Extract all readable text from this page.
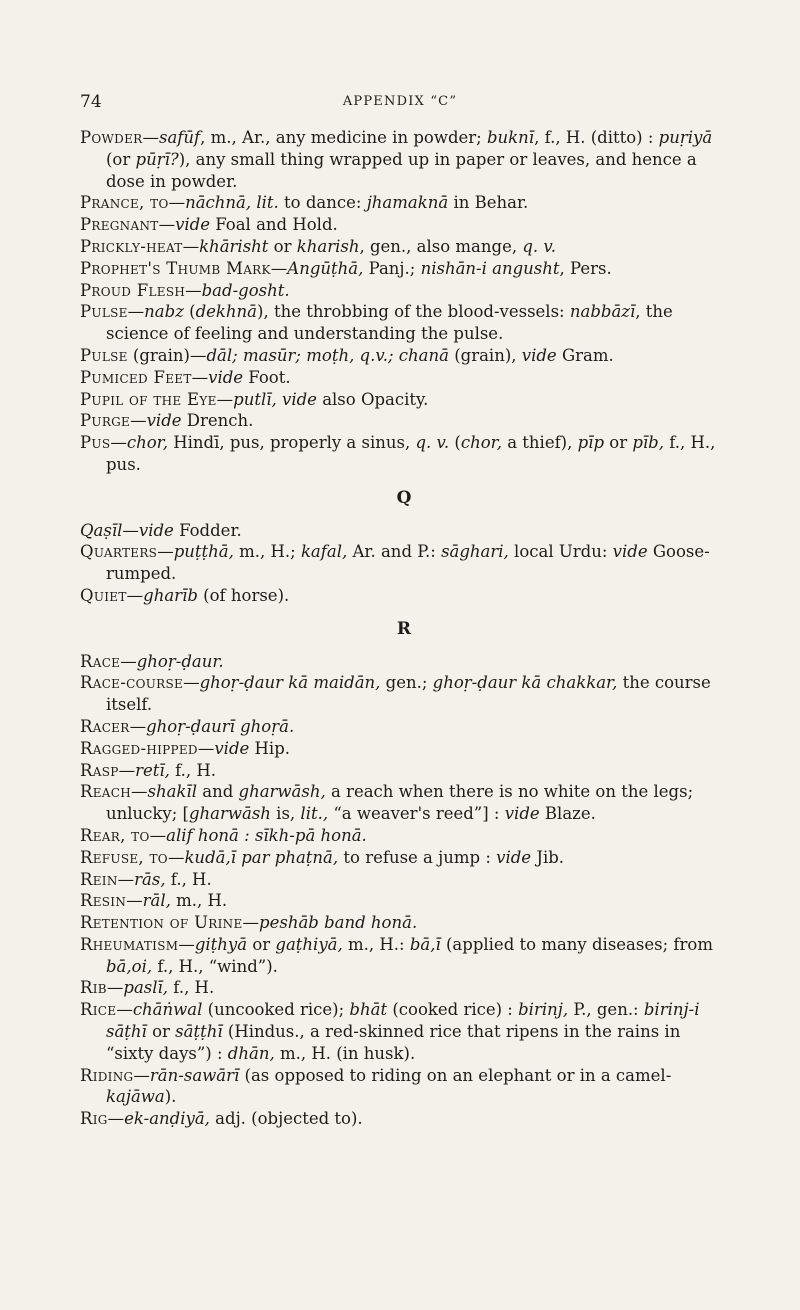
74	APPENDIX “C”

Powder—safūf, m., Ar., any medicine in powder; buknī, f., H. (ditto) : puṛiyā (or pūṛī?), any small thing wrapped up in paper or leaves, and hence a dose in powder.

Prance, to—nāchnā, lit. to dance: jhamaknā in Behar.

Pregnant—vide Foal and Hold.

Prickly-heat—khārisht or kharish, gen., also mange, q. v.

Prophet's Thumb Mark—Angūṭhā, Panj.; nishān-i angusht, Pers.

Proud Flesh—bad-gosht.

Pulse—nabz (dekhnā), the throbbing of the blood-vessels: nabbāzī, the science of feeling and understanding the pulse.

Pulse (grain)—dāl; masūr; moṭh, q.v.; chanā (grain), vide Gram.

Pumiced Feet—vide Foot.

Pupil of the Eye—putlī, vide also Opacity.

Purge—vide Drench.

Pus—chor, Hindī, pus, properly a sinus, q. v. (chor, a thief), pīp or pīb, f., H., pus.

Q

Qaṣīl—vide Fodder.

Quarters—puṭṭhā, m., H.; kafal, Ar. and P.: sāghari, local Urdu: vide Goose-rumped.

Quiet—gharīb (of horse).

R

Race—ghoṛ-ḍaur.

Race-course—ghoṛ-ḍaur kā maidān, gen.; ghoṛ-ḍaur kā chakkar, the course itself.

Racer—ghoṛ-ḍaurī ghoṛā.

Ragged-hipped—vide Hip.

Rasp—retī, f., H.

Reach—shakīl and gharwāsh, a reach when there is no white on the legs; unlucky; [gharwāsh is, lit., “a weaver's reed”] : vide Blaze.

Rear, to—alif honā : sīkh-pā honā.

Refuse, to—kudā,ī par phaṭnā, to refuse a jump : vide Jib.

Rein—rās, f., H.

Resin—rāl, m., H.

Retention of Urine—peshāb band honā.

Rheumatism—giṭhyā or gaṭhiyā, m., H.: bā,ī (applied to many diseases; from bā,oi, f., H., “wind”).

Rib—paslī, f., H.

Rice—chāṅwal (uncooked rice); bhāt (cooked rice) : birinj, P., gen.: birinj-i sāṭhī or sāṭṭhī (Hindus., a red-skinned rice that ripens in the rains in “sixty days”) : dhān, m., H. (in husk).

Riding—rān-sawārī (as opposed to riding on an elephant or in a camel-kajāwa).

Rig—ek-anḍiyā, adj. (objected to).
